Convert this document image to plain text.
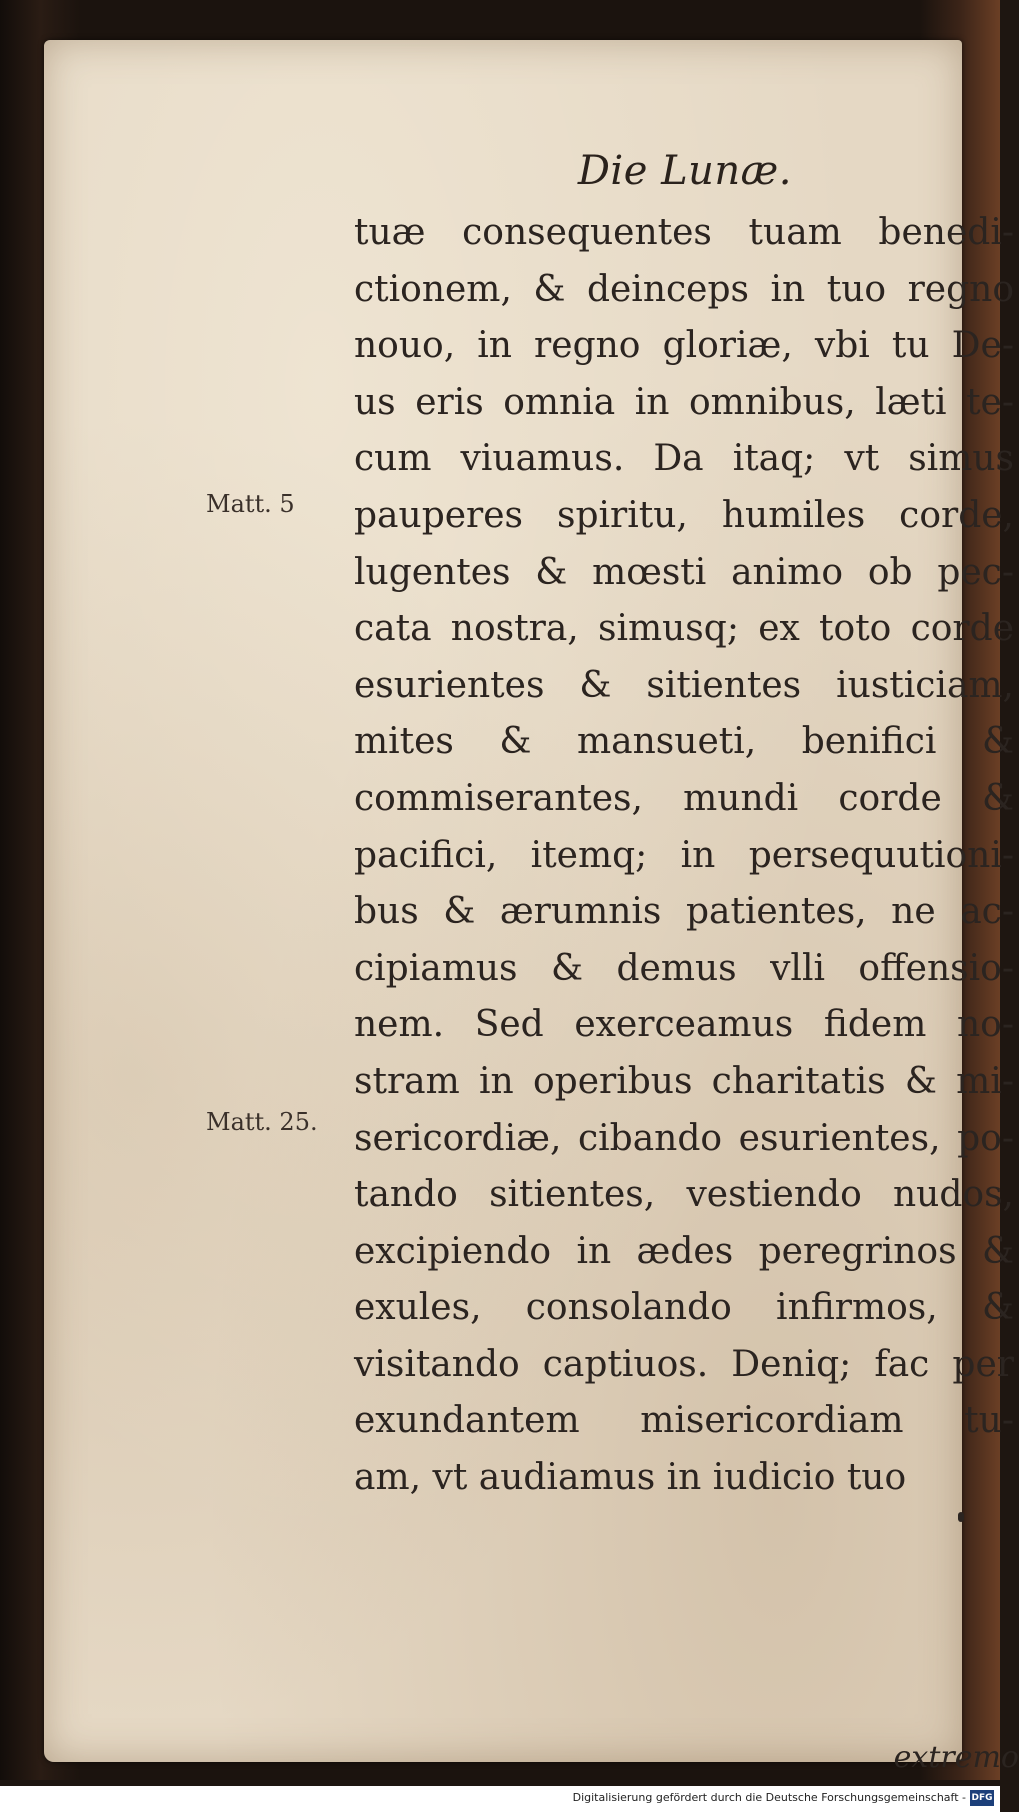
Die Lunæ.
Matt. 5
Matt. 25.
tuæ consequentes tuam benedi-
ctionem, & deinceps in tuo regno
nouo, in regno gloriæ, vbi tu De-
us eris omnia in omnibus, læti te-
cum viuamus. Da itaq; vt simus
pauperes spiritu, humiles corde,
lugentes & mœsti animo ob pec-
cata nostra, simusq; ex toto corde
esurientes & sitientes iusticiam,
mites & mansueti, benifici &
commiserantes, mundi corde &
pacifici, itemq; in persequutioni-
bus & ærumnis patientes, ne ac-
cipiamus & demus vlli offensio-
nem. Sed exerceamus fidem no-
stram in operibus charitatis & mi-
sericordiæ, cibando esurientes, po-
tando sitientes, vestiendo nudos,
excipiendo in ædes peregrinos &
exules, consolando infirmos, &
visitando captiuos. Deniq; fac per
exundantem misericordiam tu-
am, vt audiamus in iudicio tuo
extremo
Digitalisierung gefördert durch die Deutsche Forschungsgemeinschaft - DFG
